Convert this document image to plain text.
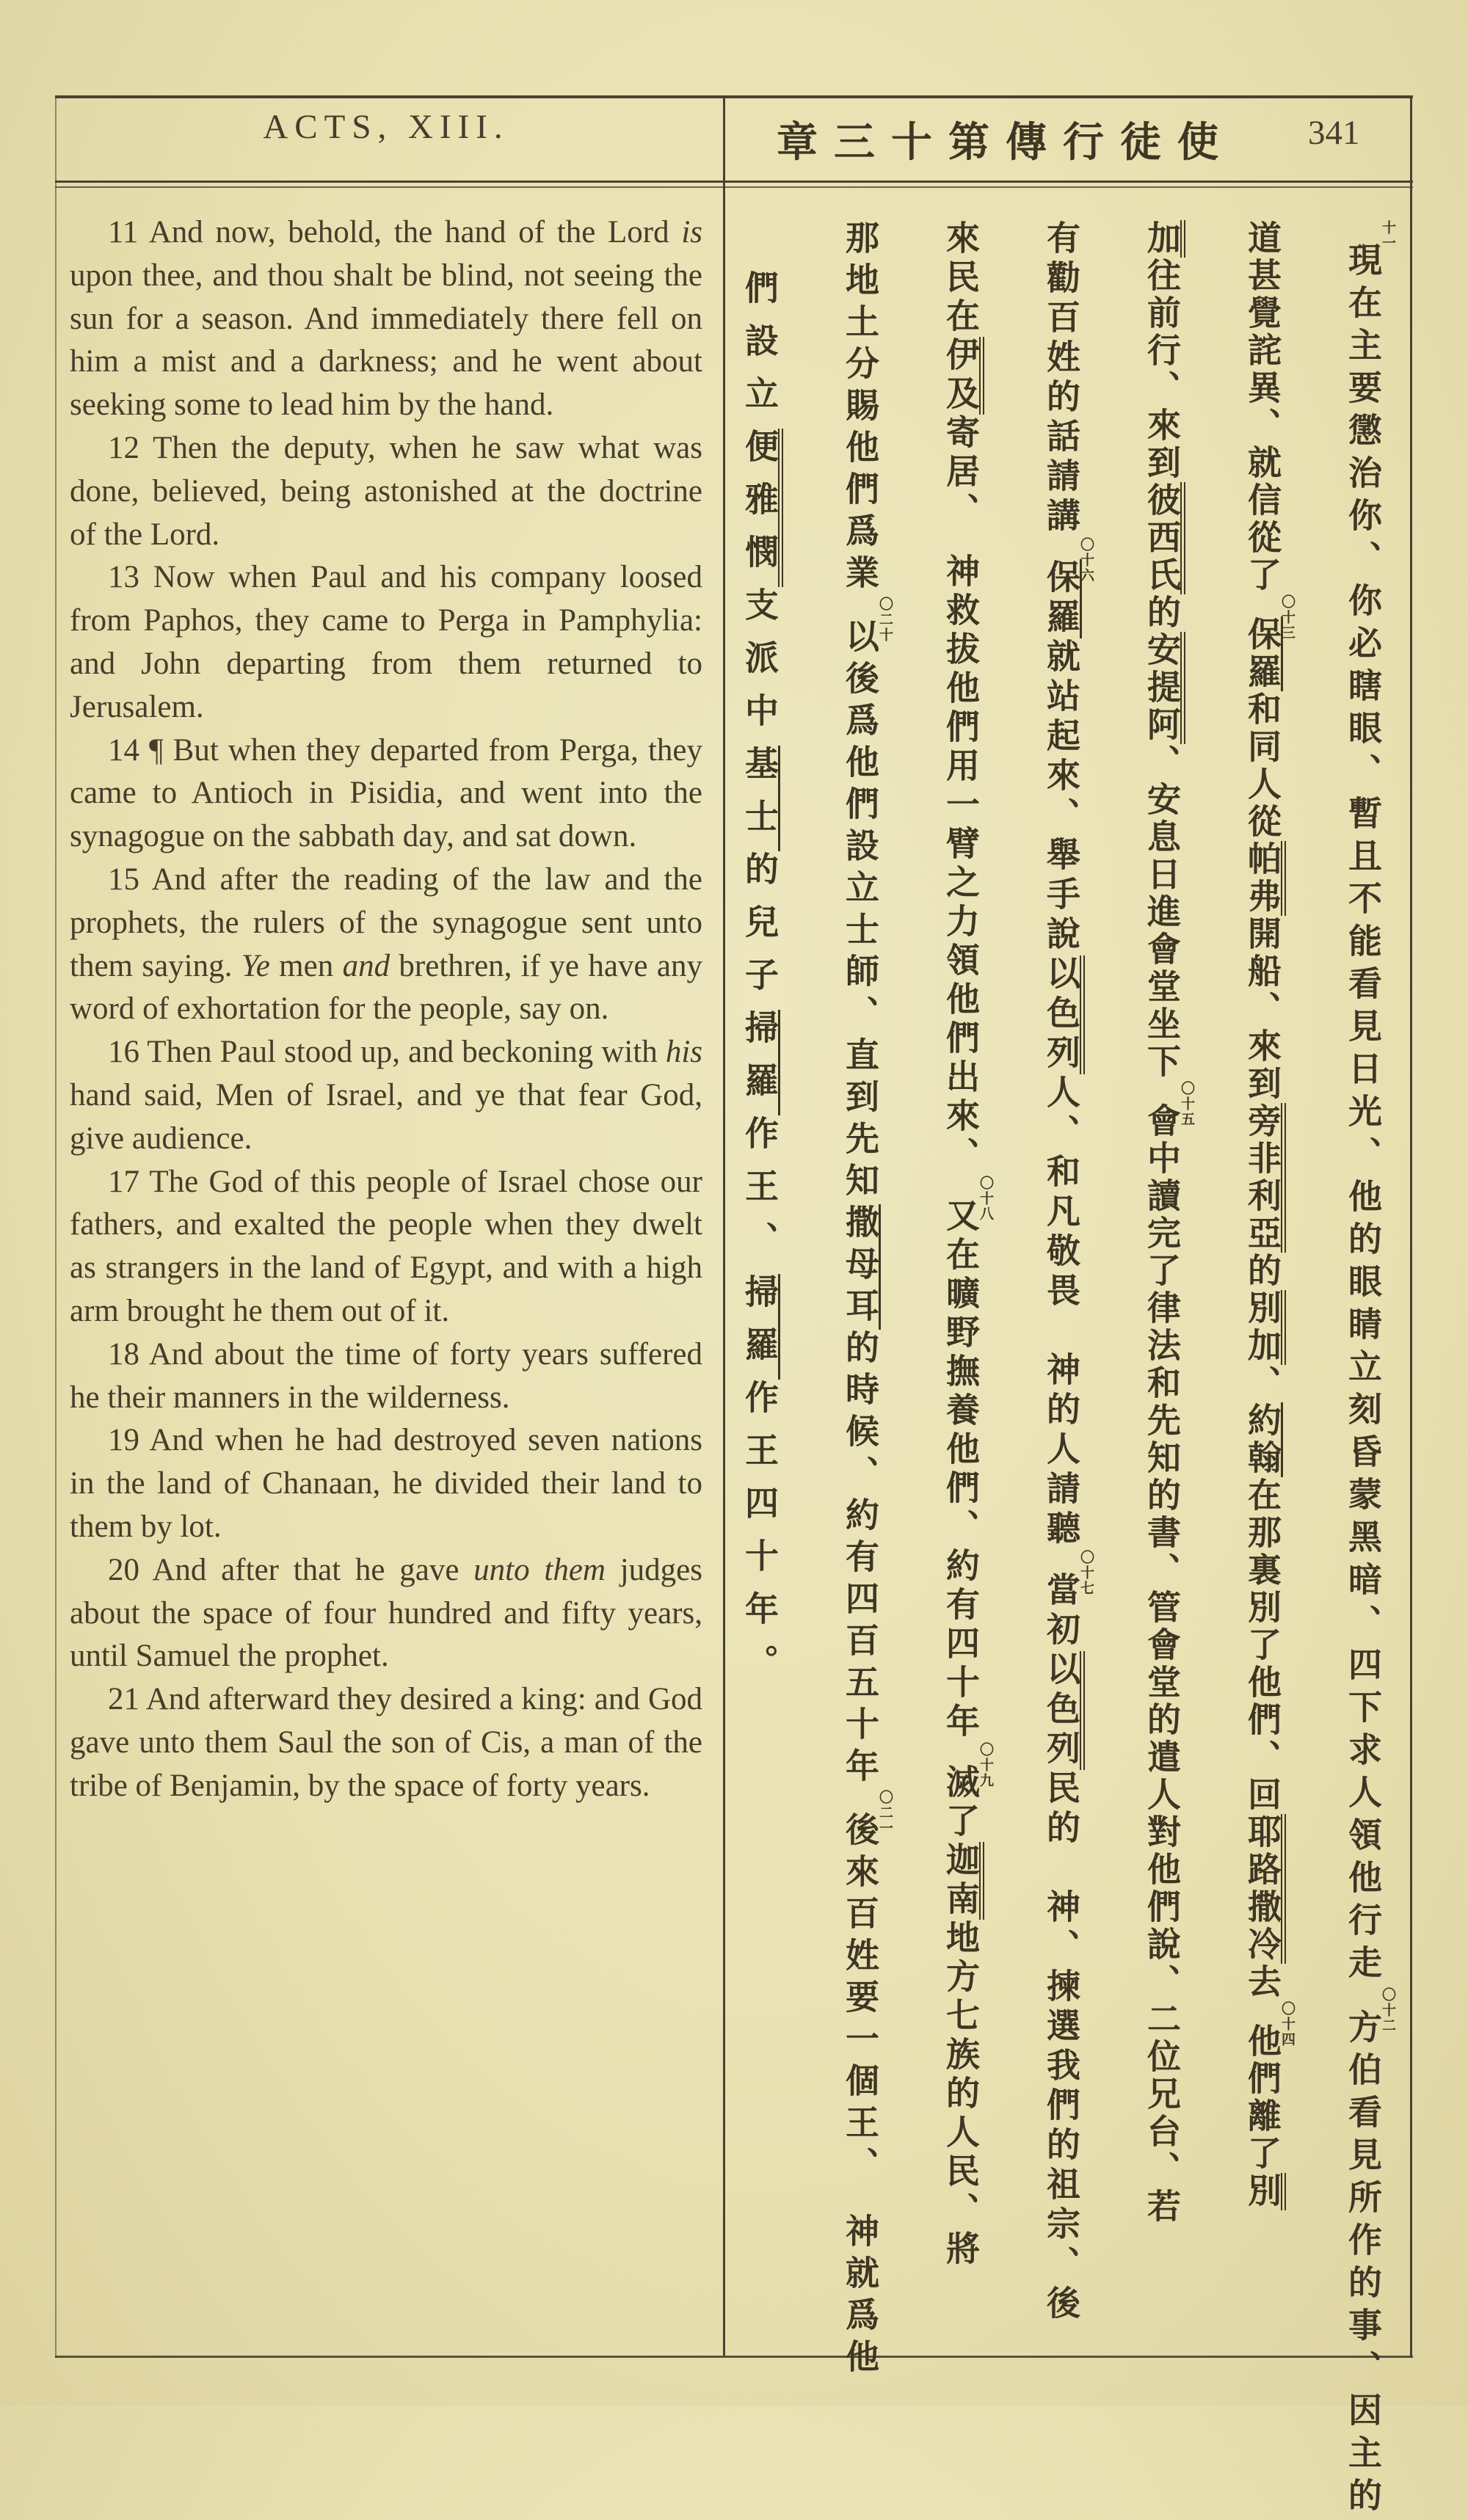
ACTS, XIII.	章三十第傳行徒使	341

11 And now, behold, the hand of the Lord is upon thee, and thou shalt be blind, not seeing the sun for a season. And immediately there fell on him a mist and a darkness; and he went about seeking some to lead him by the hand.

12 Then the deputy, when he saw what was done, believed, being astonished at the doctrine of the Lord.

13 Now when Paul and his company loosed from Paphos, they came to Perga in Pamphylia: and John departing from them returned to Jerusalem.

14 ¶ But when they departed from Perga, they came to Antioch in Pisidia, and went into the synagogue on the sabbath day, and sat down.

15 And after the reading of the law and the prophets, the rulers of the synagogue sent unto them saying. Ye men and brethren, if ye have any word of exhortation for the people, say on.

16 Then Paul stood up, and beckoning with his hand said, Men of Israel, and ye that fear God, give audience.

17 The God of this people of Israel chose our fathers, and exalted the people when they dwelt as strangers in the land of Egypt, and with a high arm brought he them out of it.

18 And about the time of forty years suffered he their manners in the wilderness.

19 And when he had destroyed seven nations in the land of Chanaan, he divided their land to them by lot.

20 And after that he gave unto them judges about the space of four hundred and fifty years, until Samuel the prophet.

21 And afterward they desired a king: and God gave unto them Saul the son of Cis, a man of the tribe of Benjamin, by the space of forty years.

十一現在主要懲治你、你必瞎眼、暫且不能看見日光、他的眼睛立刻昏蒙黑暗、四下求人領他行走〇十二方伯看見所作的事、因主的
道甚覺詫異、就信從了〇十三保羅和同人從帕弗開船、來到旁非利亞的別加、約翰在那裏別了他們、回耶路撒冷去〇十四他們離了別
加往前行、來到彼西氏的安提阿、安息日進會堂坐下〇十五會中讀完了律法和先知的書、管會堂的遣人對他們說、二位兄台、若
有勸百姓的話請講〇十六保羅就站起來、舉手說以色列人、和凡敬畏　神的人請聽〇十七當初以色列民的　神、揀選我們的祖宗、後
來民在伊及寄居、　神救拔他們用一臂之力領他們出來、〇十八又在曠野撫養他們、約有四十年〇十九滅了迦南地方七族的人民、將
那地土分賜他們爲業〇二十以後爲他們設立士師、直到先知撒母耳的時候、約有四百五十年〇二一後來百姓要一個王、　神就爲他
們設立便雅憫支派中基士的兒子掃羅作王、掃羅作王四十年。
